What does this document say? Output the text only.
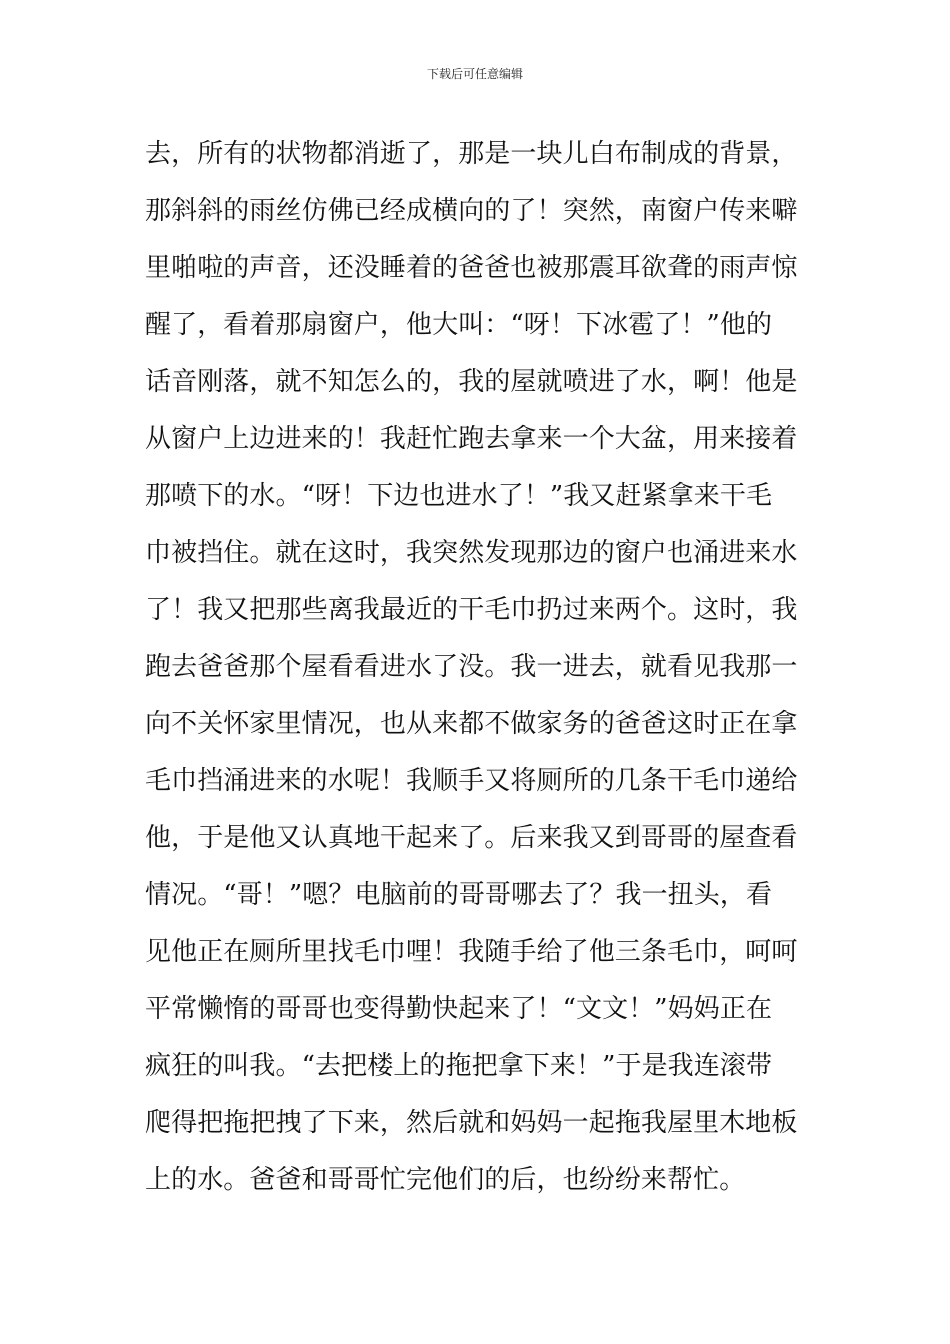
下载后可任意编辑
去，所有的状物都消逝了，那是一块儿白布制成的背景，
那斜斜的雨丝仿佛已经成横向的了！突然，南窗户传来噼
里啪啦的声音，还没睡着的爸爸也被那震耳欲聋的雨声惊
醒了，看着那扇窗户，他大叫：“呀！下冰雹了！”他的
话音刚落，就不知怎么的，我的屋就喷进了水，啊！他是
从窗户上边进来的！我赶忙跑去拿来一个大盆，用来接着
那喷下的水。“呀！下边也进水了！”我又赶紧拿来干毛
巾被挡住。就在这时，我突然发现那边的窗户也涌进来水
了！我又把那些离我最近的干毛巾扔过来两个。这时，我
跑去爸爸那个屋看看进水了没。我一进去，就看见我那一
向不关怀家里情况，也从来都不做家务的爸爸这时正在拿
毛巾挡涌进来的水呢！我顺手又将厕所的几条干毛巾递给
他，于是他又认真地干起来了。后来我又到哥哥的屋查看
情况。“哥！”嗯？电脑前的哥哥哪去了？我一扭头，看
见他正在厕所里找毛巾哩！我随手给了他三条毛巾，呵呵
平常懒惰的哥哥也变得勤快起来了！“文文！”妈妈正在
疯狂的叫我。“去把楼上的拖把拿下来！”于是我连滚带
爬得把拖把拽了下来，然后就和妈妈一起拖我屋里木地板
上的水。爸爸和哥哥忙完他们的后，也纷纷来帮忙。
